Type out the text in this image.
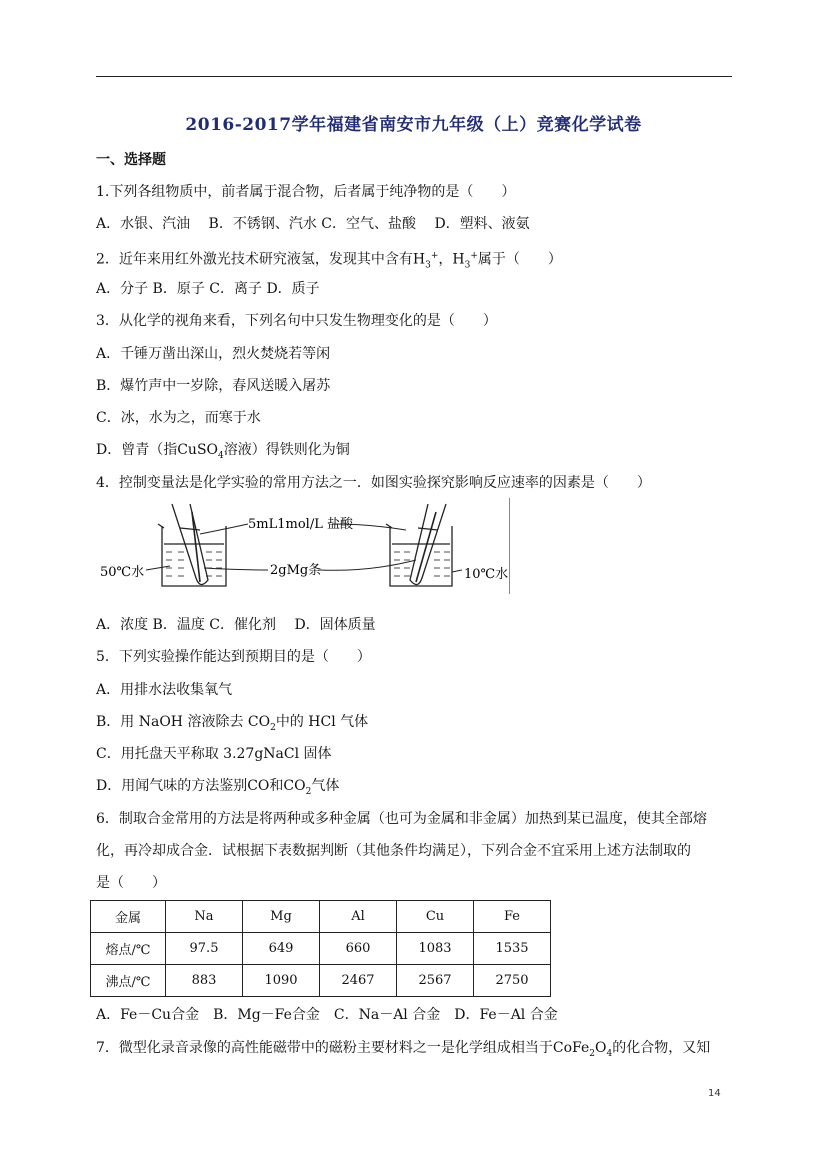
2016-2017学年福建省南安市九年级（上）竞赛化学试卷
一、选择题
1.下列各组物质中，前者属于混合物，后者属于纯净物的是（　　）
A．水银、汽油　 B．不锈钢、汽水 C．空气、盐酸　 D．塑料、液氨
2．近年来用红外激光技术研究液氢，发现其中含有$H_3^+$，$H_3^+$属于（　　）
A．分子 B．原子 C．离子 D．质子
3．从化学的视角来看，下列名句中只发生物理变化的是（　　）
A．千锤万凿出深山，烈火焚烧若等闲
B．爆竹声中一岁除，春风送暖入屠苏
C．冰，水为之，而寒于水
D．曾青（指CuSO$_4$溶液）得铁则化为铜
4．控制变量法是化学实验的常用方法之一．如图实验探究影响反应速率的因素是（　　）
5mL1mol/L 盐酸
2gMg条
50℃水	10℃水
A．浓度 B．温度 C．催化剂　 D．固体质量
5．下列实验操作能达到预期目的是（　　）
A．用排水法收集氧气
B．用 NaOH 溶液除去 $CO_2$中的 HCl 气体
C．用托盘天平称取 3.27gNaCl 固体
D．用闻气味的方法鉴别CO和$CO_2$气体
6．制取合金常用的方法是将两种或多种金属（也可为金属和非金属）加热到某已温度，使其全部熔
化，再冷却成合金．试根据下表数据判断（其他条件均满足），下列合金不宜采用上述方法制取的
是（　　）
金属	Na	Mg	Al	Cu	Fe
熔点/℃	97.5	649	660	1083	1535
沸点/℃	883	1090	2467	2567	2750
A．Fe－Cu合金　B．Mg－Fe合金　C．Na－Al 合金　D．Fe－Al 合金
7．微型化录音录像的高性能磁带中的磁粉主要材料之一是化学组成相当于$CoFe_2O_4$的化合物，又知
14
